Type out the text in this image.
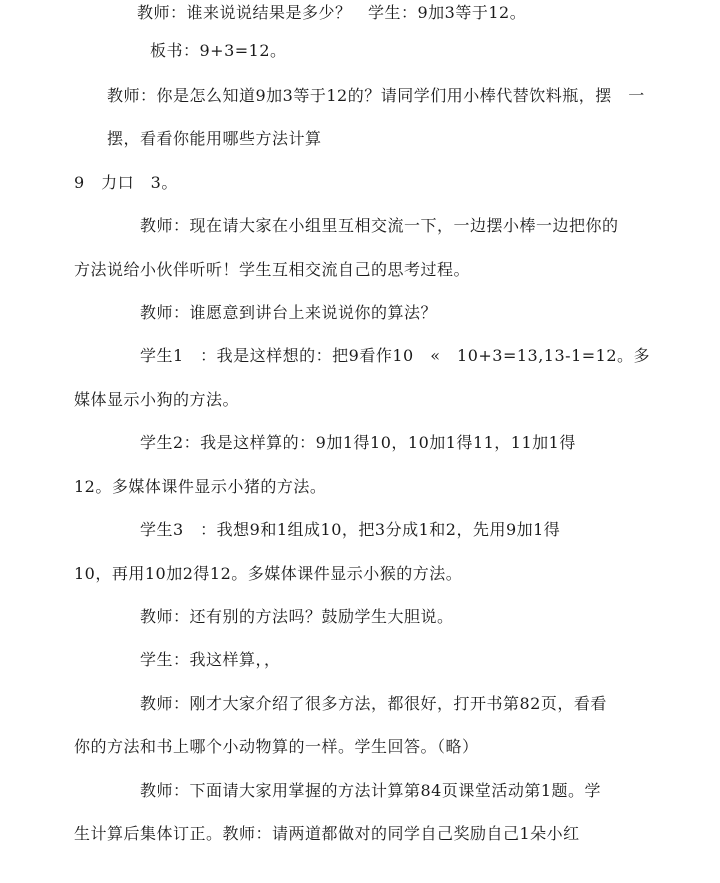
教师：谁来说说结果是多少？　学生：9加3等于12。
板书：9+3=12。
教师：你是怎么知道9加3等于12的？请同学们用小棒代替饮料瓶，摆　一
摆，看看你能用哪些方法计算
9　力口　3。
教师：现在请大家在小组里互相交流一下，一边摆小棒一边把你的
方法说给小伙伴听听！学生互相交流自己的思考过程。
教师：谁愿意到讲台上来说说你的算法？
学生1　：我是这样想的：把9看作10　«　10+3=13,13-1=12。多
媒体显示小狗的方法。
学生2：我是这样算的：9加1得10，10加1得11，11加1得
12。多媒体课件显示小猪的方法。
学生3　：我想9和1组成10，把3分成1和2，先用9加1得
10，再用10加2得12。多媒体课件显示小猴的方法。
教师：还有别的方法吗？鼓励学生大胆说。
学生：我这样算，，
教师：刚才大家介绍了很多方法，都很好，打开书第82页，看看
你的方法和书上哪个小动物算的一样。学生回答。（略）
教师：下面请大家用掌握的方法计算第84页课堂活动第1题。学
生计算后集体订正。教师：请两道都做对的同学自己奖励自己1朵小红
